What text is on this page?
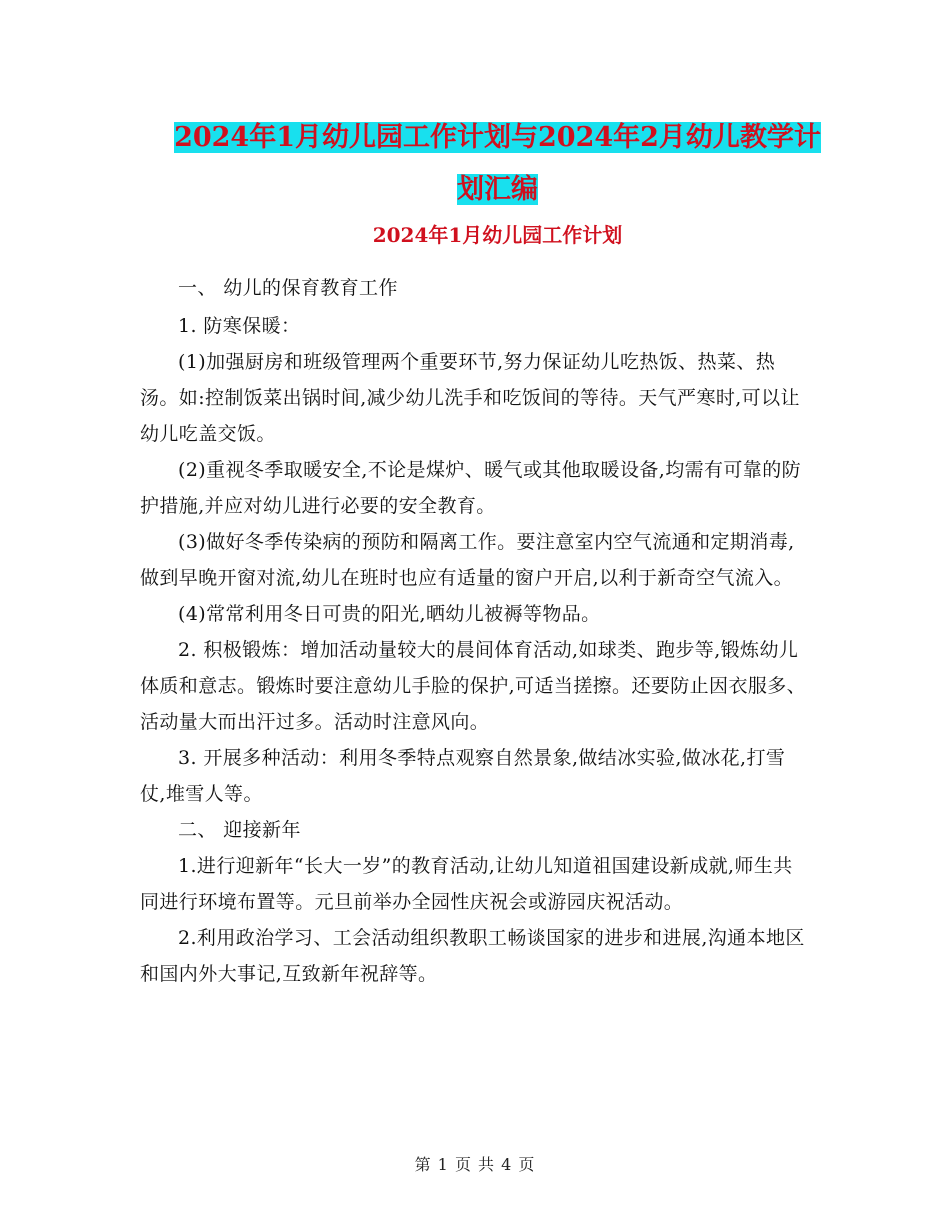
2024年1月幼儿园工作计划与2024年2月幼儿教学计
划汇编
2024年1月幼儿园工作计划

一、 幼儿的保育教育工作

1. 防寒保暖：

(1)加强厨房和班级管理两个重要环节,努力保证幼儿吃热饭、热菜、热汤。如:控制饭菜出锅时间,减少幼儿洗手和吃饭间的等待。天气严寒时,可以让幼儿吃盖交饭。

(2)重视冬季取暖安全,不论是煤炉、暖气或其他取暖设备,均需有可靠的防护措施,并应对幼儿进行必要的安全教育。

(3)做好冬季传染病的预防和隔离工作。要注意室内空气流通和定期消毒,做到早晚开窗对流,幼儿在班时也应有适量的窗户开启,以利于新奇空气流入。

(4)常常利用冬日可贵的阳光,晒幼儿被褥等物品。

2. 积极锻炼：增加活动量较大的晨间体育活动,如球类、跑步等,锻炼幼儿体质和意志。锻炼时要注意幼儿手脸的保护,可适当搓擦。还要防止因衣服多、活动量大而出汗过多。活动时注意风向。

3. 开展多种活动：利用冬季特点观察自然景象,做结冰实验,做冰花,打雪仗,堆雪人等。

二、 迎接新年

1.进行迎新年“长大一岁”的教育活动,让幼儿知道祖国建设新成就,师生共同进行环境布置等。元旦前举办全园性庆祝会或游园庆祝活动。

2.利用政治学习、工会活动组织教职工畅谈国家的进步和进展,沟通本地区和国内外大事记,互致新年祝辞等。

第 1 页 共 4 页
